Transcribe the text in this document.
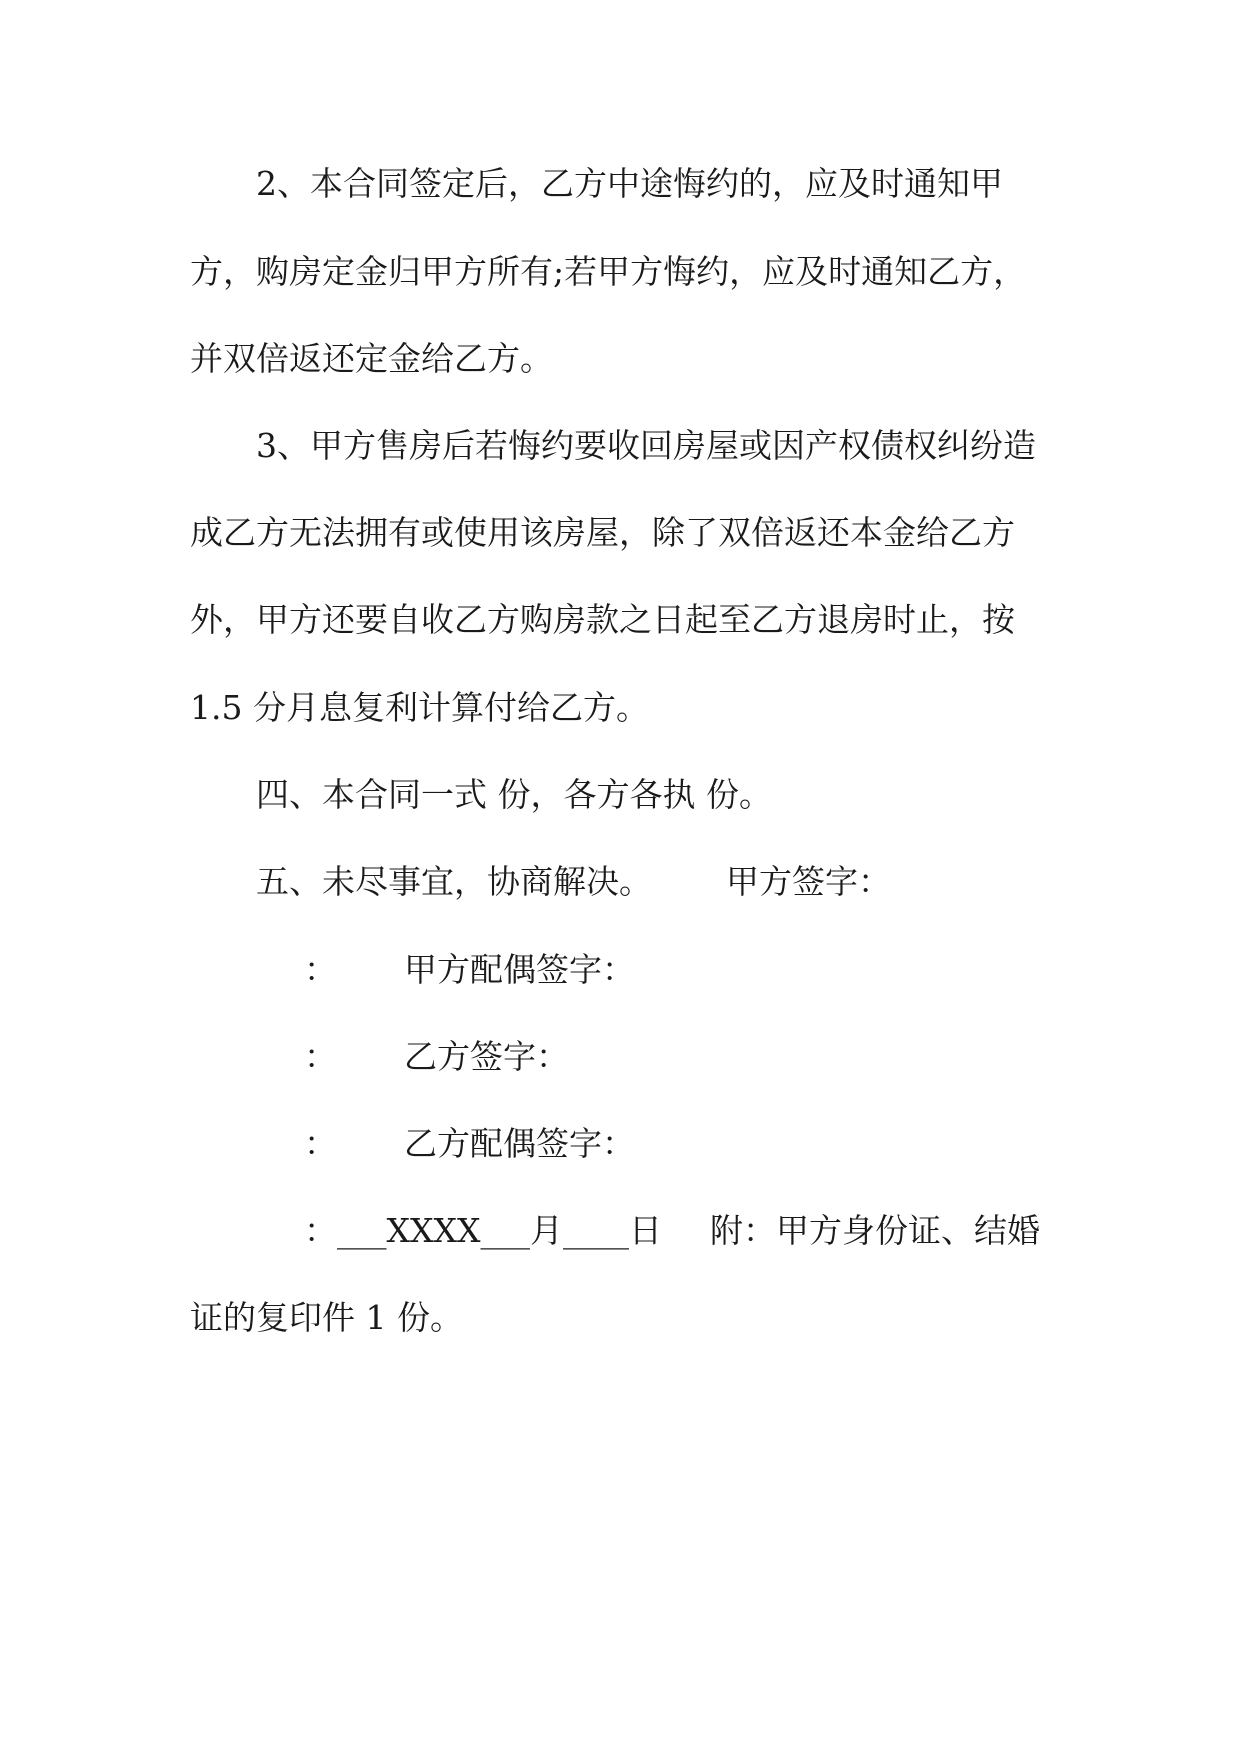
2、本合同签定后，乙方中途悔约的，应及时通知甲
方，购房定金归甲方所有;若甲方悔约，应及时通知乙方，
并双倍返还定金给乙方。
3、甲方售房后若悔约要收回房屋或因产权债权纠纷造
成乙方无法拥有或使用该房屋，除了双倍返还本金给乙方
外，甲方还要自收乙方购房款之日起至乙方退房时止，按
1.5 分月息复利计算付给乙方。
四、本合同一式 份，各方各执 份。
五、未尽事宜，协商解决。 甲方签字：
： 甲方配偶签字：
： 乙方签字：
： 乙方配偶签字：
：___XXXX___月____日 附：甲方身份证、结婚
证的复印件 1 份。
